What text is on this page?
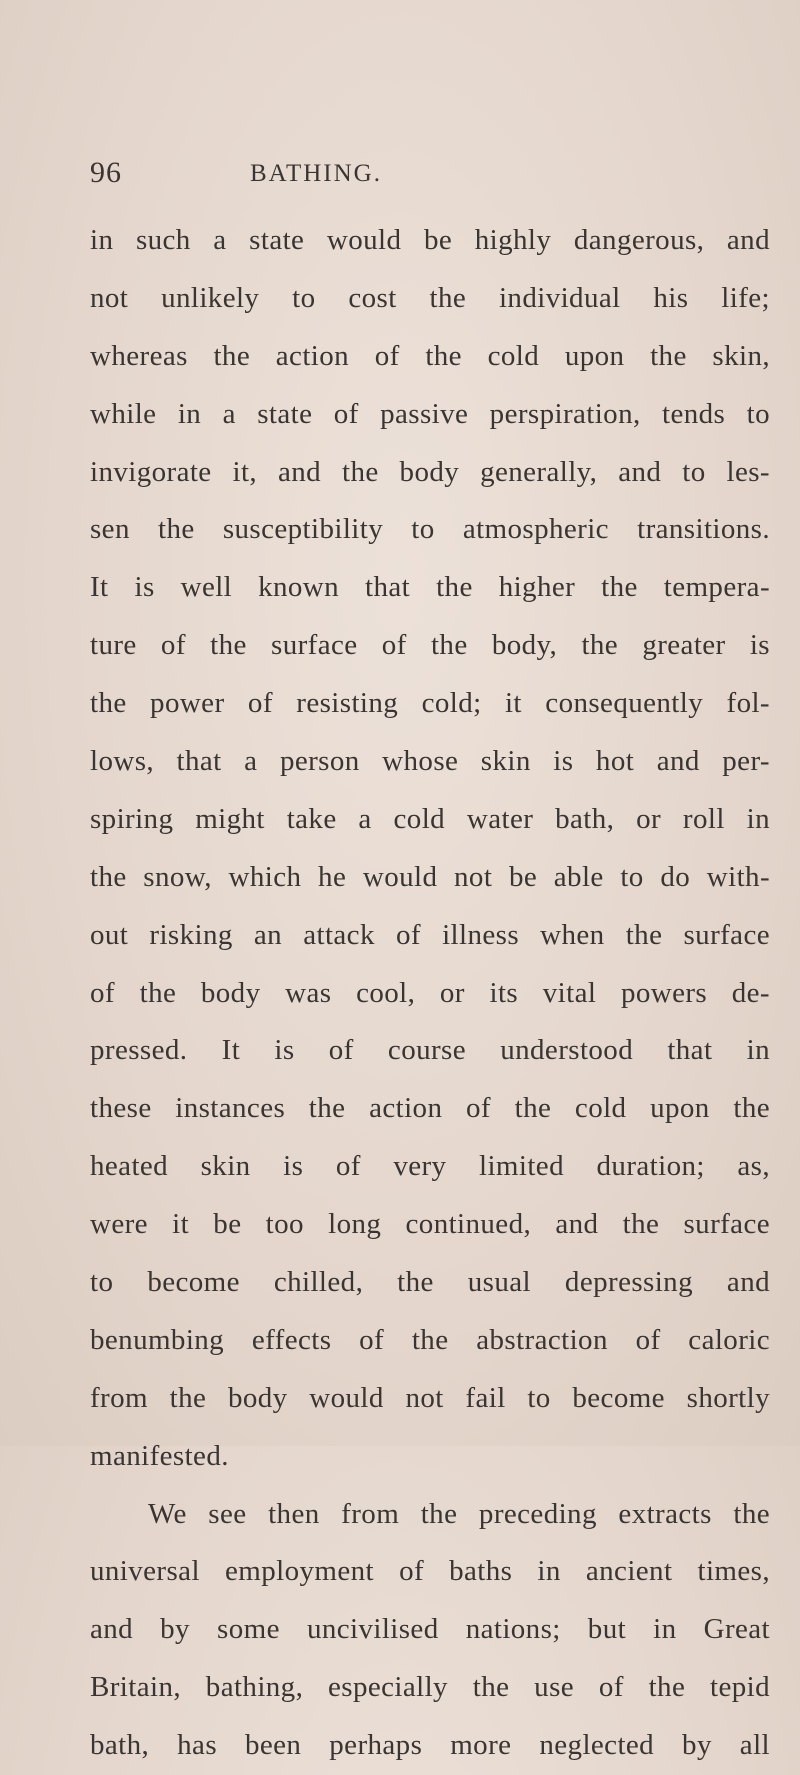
96	BATHING.
in such a state would be highly dangerous, and
not unlikely to cost the individual his life;
whereas the action of the cold upon the skin,
while in a state of passive perspiration, tends to
invigorate it, and the body generally, and to les-
sen the susceptibility to atmospheric transitions.
It is well known that the higher the tempera-
ture of the surface of the body, the greater is
the power of resisting cold; it consequently fol-
lows, that a person whose skin is hot and per-
spiring might take a cold water bath, or roll in
the snow, which he would not be able to do with-
out risking an attack of illness when the surface
of the body was cool, or its vital powers de-
pressed. It is of course understood that in
these instances the action of the cold upon the
heated skin is of very limited duration; as,
were it be too long continued, and the surface
to become chilled, the usual depressing and
benumbing effects of the abstraction of caloric
from the body would not fail to become shortly
manifested.
We see then from the preceding extracts the
universal employment of baths in ancient times,
and by some uncivilised nations; but in Great
Britain, bathing, especially the use of the tepid
bath, has been perhaps more neglected by all
